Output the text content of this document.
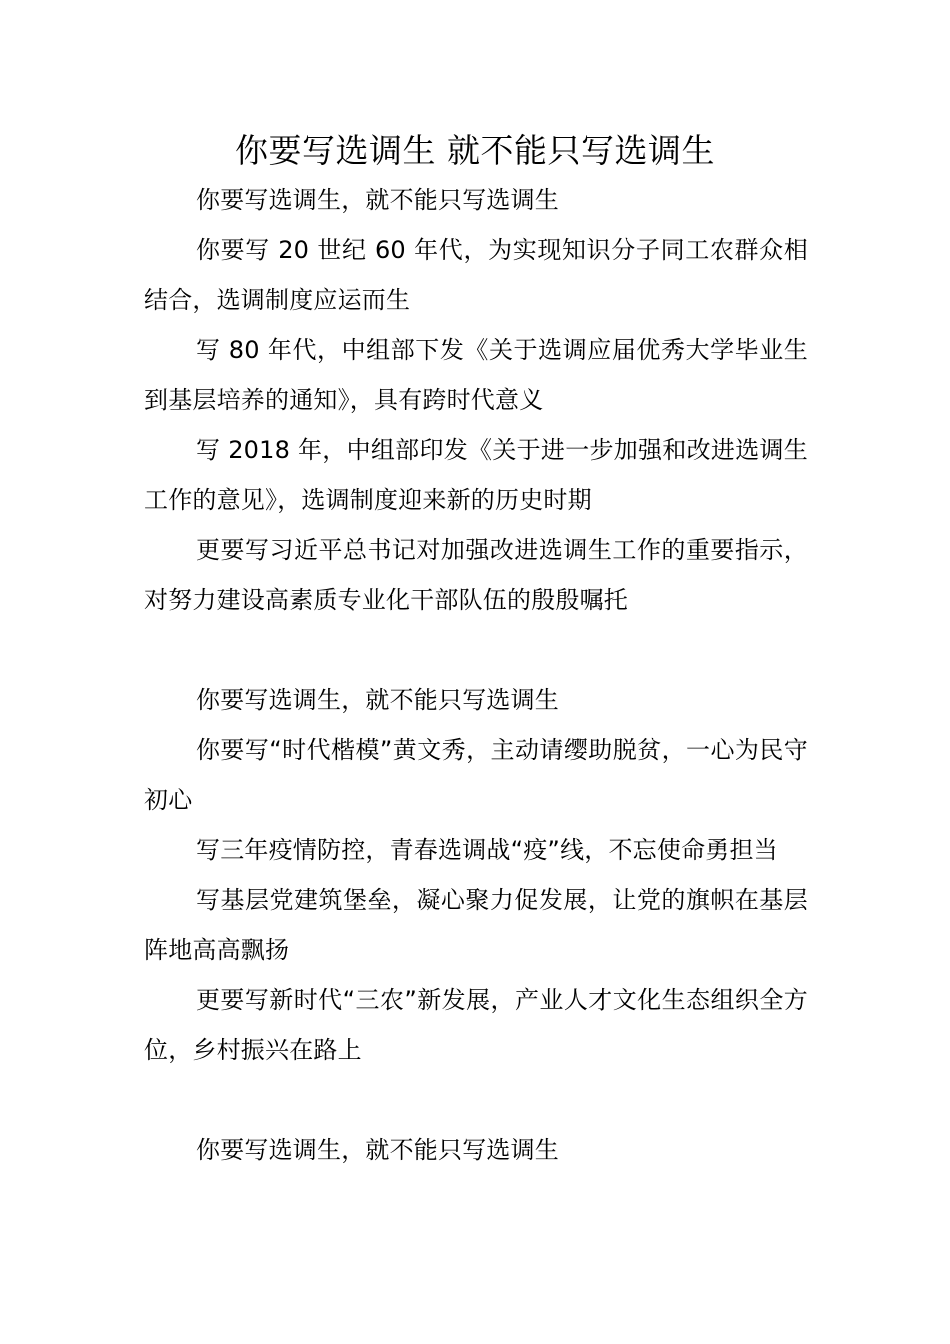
你要写选调生 就不能只写选调生

你要写选调生，就不能只写选调生

你要写 20 世纪 60 年代，为实现知识分子同工农群众相结合，选调制度应运而生

写 80 年代，中组部下发《关于选调应届优秀大学毕业生到基层培养的通知》，具有跨时代意义

写 2018 年，中组部印发《关于进一步加强和改进选调生工作的意见》，选调制度迎来新的历史时期

更要写习近平总书记对加强改进选调生工作的重要指示，对努力建设高素质专业化干部队伍的殷殷嘱托

你要写选调生，就不能只写选调生

你要写“时代楷模”黄文秀，主动请缨助脱贫，一心为民守初心

写三年疫情防控，青春选调战“疫”线，不忘使命勇担当

写基层党建筑堡垒，凝心聚力促发展，让党的旗帜在基层阵地高高飘扬

更要写新时代“三农”新发展，产业人才文化生态组织全方位，乡村振兴在路上

你要写选调生，就不能只写选调生
